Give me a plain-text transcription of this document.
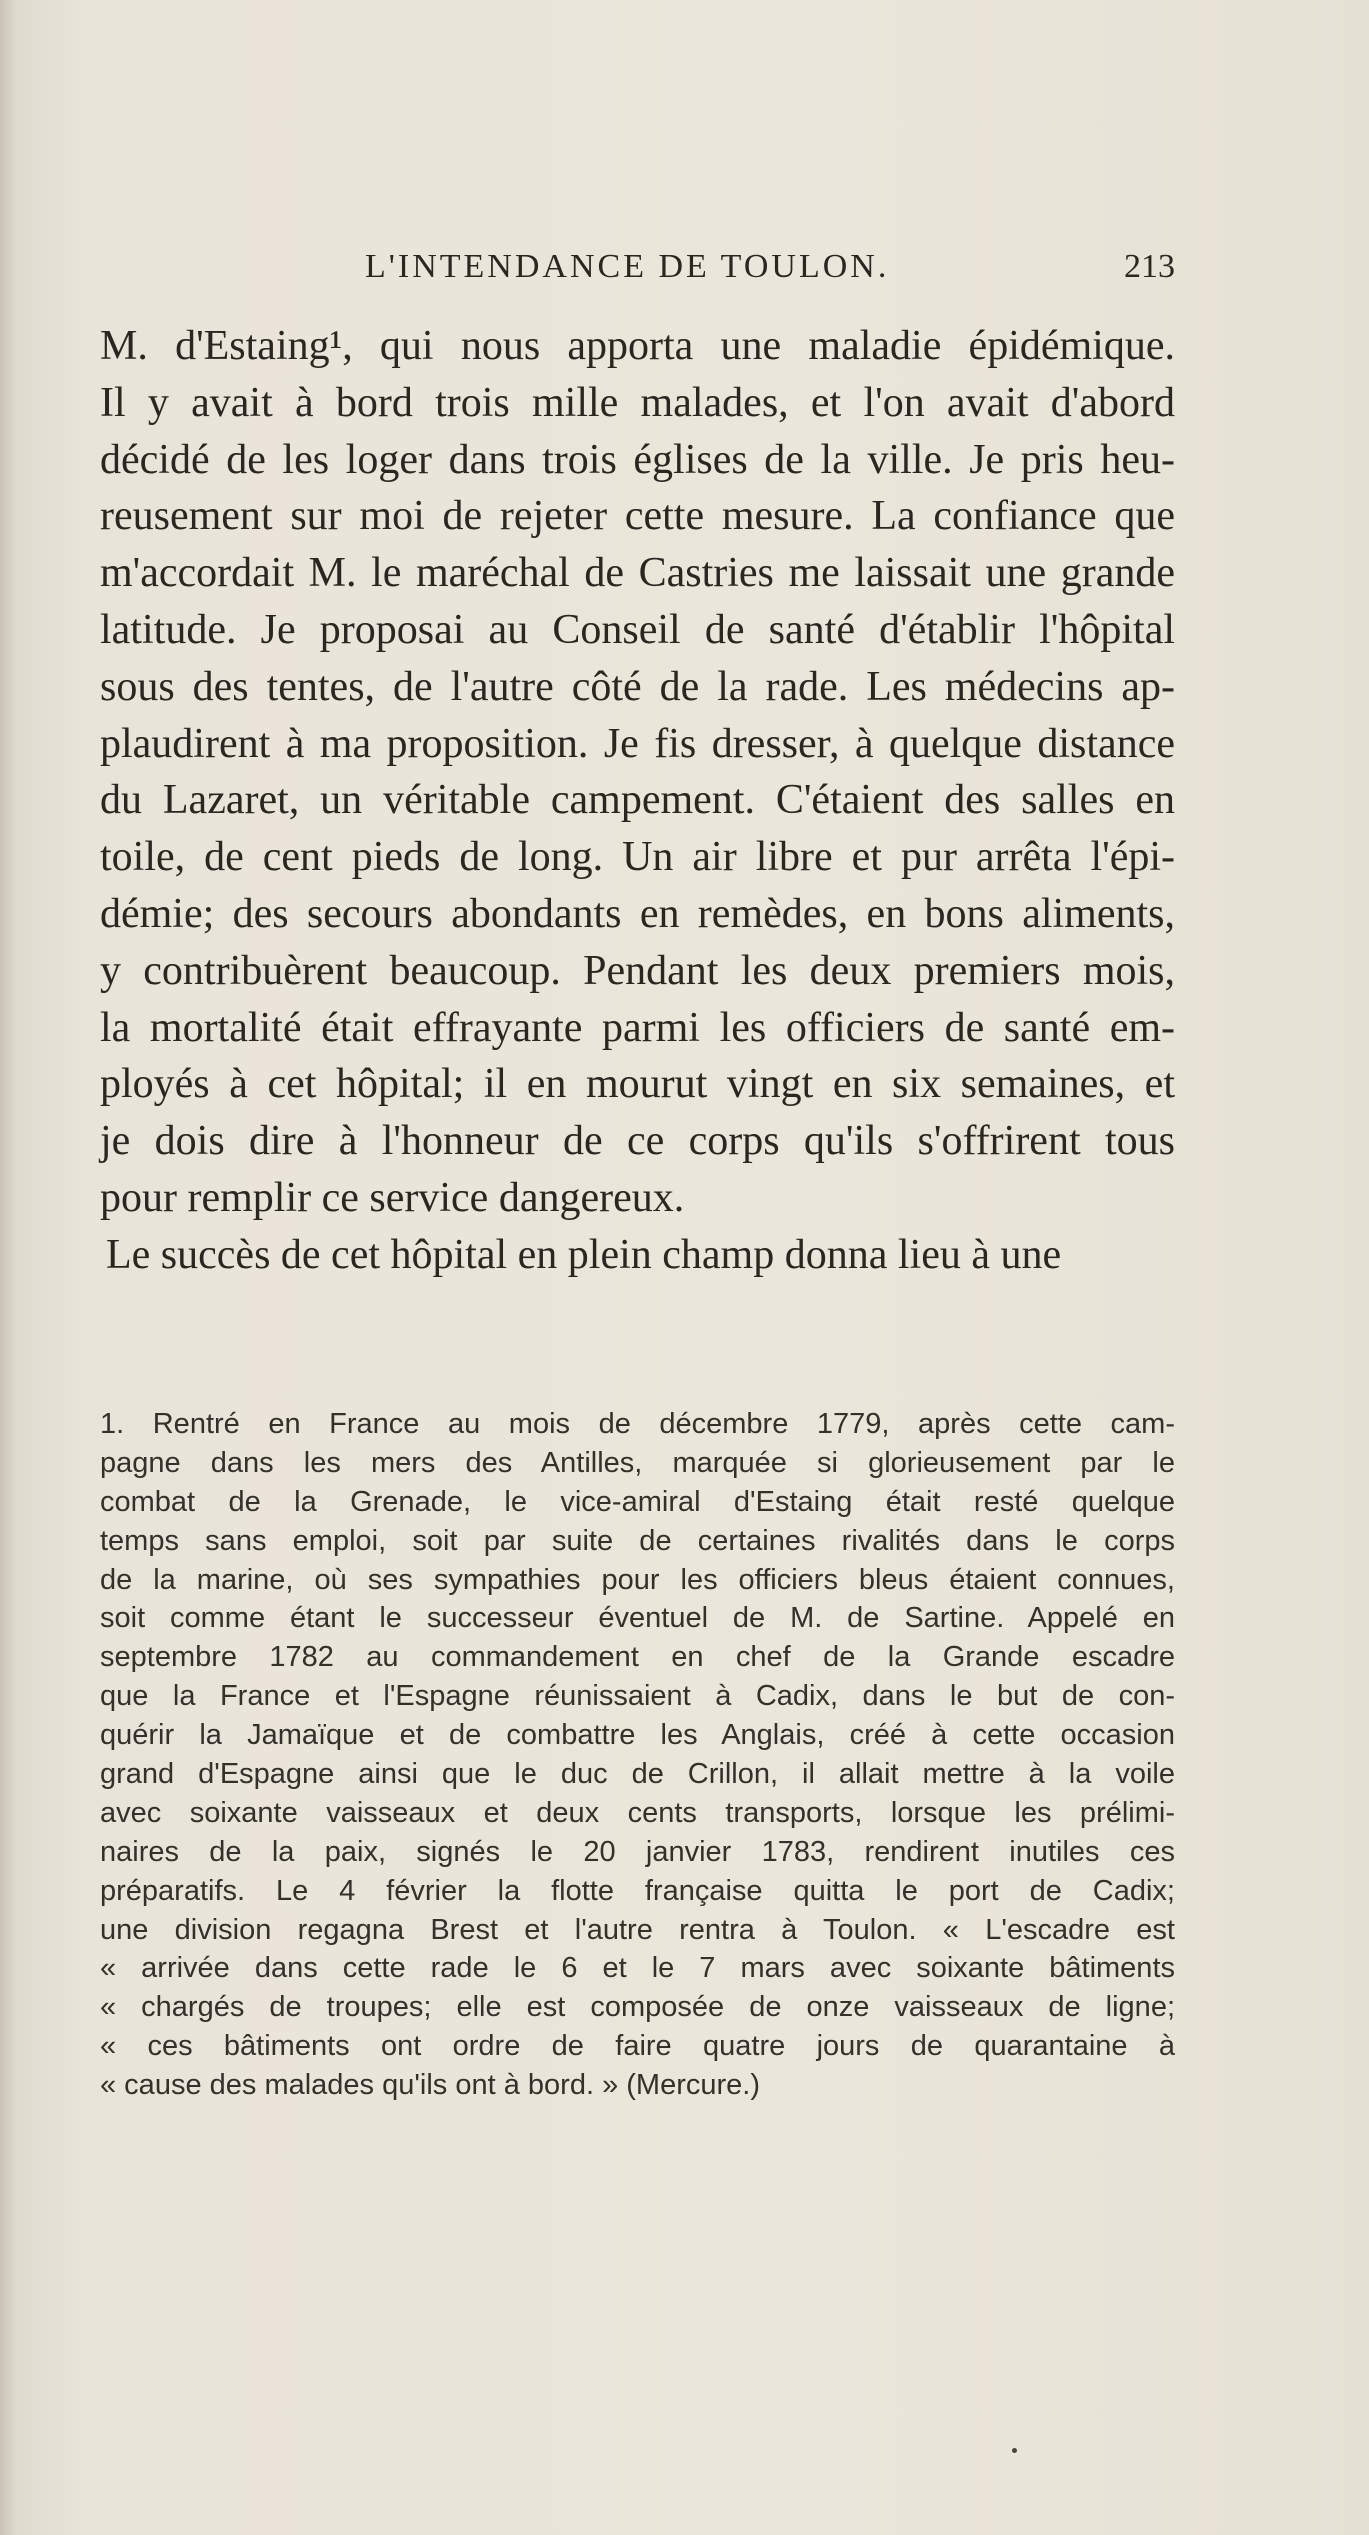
L'INTENDANCE DE TOULON.	213
M. d'Estaing¹, qui nous apporta une maladie épidémique.
Il y avait à bord trois mille malades, et l'on avait d'abord
décidé de les loger dans trois églises de la ville. Je pris heu-
reusement sur moi de rejeter cette mesure. La confiance que
m'accordait M. le maréchal de Castries me laissait une grande
latitude. Je proposai au Conseil de santé d'établir l'hôpital
sous des tentes, de l'autre côté de la rade. Les médecins ap-
plaudirent à ma proposition. Je fis dresser, à quelque distance
du Lazaret, un véritable campement. C'étaient des salles en
toile, de cent pieds de long. Un air libre et pur arrêta l'épi-
démie; des secours abondants en remèdes, en bons aliments,
y contribuèrent beaucoup. Pendant les deux premiers mois,
la mortalité était effrayante parmi les officiers de santé em-
ployés à cet hôpital; il en mourut vingt en six semaines, et
je dois dire à l'honneur de ce corps qu'ils s'offrirent tous
pour remplir ce service dangereux.
Le succès de cet hôpital en plein champ donna lieu à une
1. Rentré en France au mois de décembre 1779, après cette cam-
pagne dans les mers des Antilles, marquée si glorieusement par le
combat de la Grenade, le vice-amiral d'Estaing était resté quelque
temps sans emploi, soit par suite de certaines rivalités dans le corps
de la marine, où ses sympathies pour les officiers bleus étaient connues,
soit comme étant le successeur éventuel de M. de Sartine. Appelé en
septembre 1782 au commandement en chef de la Grande escadre
que la France et l'Espagne réunissaient à Cadix, dans le but de con-
quérir la Jamaïque et de combattre les Anglais, créé à cette occasion
grand d'Espagne ainsi que le duc de Crillon, il allait mettre à la voile
avec soixante vaisseaux et deux cents transports, lorsque les prélimi-
naires de la paix, signés le 20 janvier 1783, rendirent inutiles ces
préparatifs. Le 4 février la flotte française quitta le port de Cadix;
une division regagna Brest et l'autre rentra à Toulon. « L'escadre est
« arrivée dans cette rade le 6 et le 7 mars avec soixante bâtiments
« chargés de troupes; elle est composée de onze vaisseaux de ligne;
« ces bâtiments ont ordre de faire quatre jours de quarantaine à
« cause des malades qu'ils ont à bord. » (Mercure.)
